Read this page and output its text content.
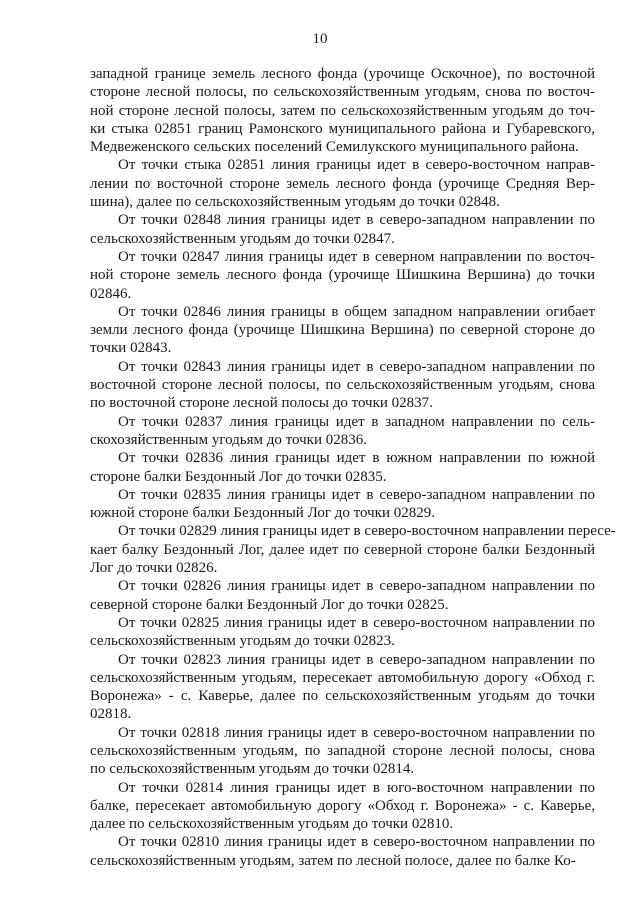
10
западной границе земель лесного фонда (урочище Оскочное), по восточной
стороне лесной полосы, по сельскохозяйственным угодьям, снова по восточ-
ной стороне лесной полосы, затем по сельскохозяйственным угодьям до точ-
ки стыка 02851 границ Рамонского муниципального района и Губаревского,
Медвеженского сельских поселений Семилукского муниципального района.
От точки стыка 02851 линия границы идет в северо-восточном направ-
лении по восточной стороне земель лесного фонда (урочище Средняя Вер-
шина), далее по сельскохозяйственным угодьям до точки 02848.
От точки 02848 линия границы идет в северо-западном направлении по
сельскохозяйственным угодьям до точки 02847.
От точки 02847 линия границы идет в северном направлении по восточ-
ной стороне земель лесного фонда (урочище Шишкина Вершина) до точки
02846.
От точки 02846 линия границы в общем западном направлении огибает
земли лесного фонда (урочище Шишкина Вершина) по северной стороне до
точки 02843.
От точки 02843 линия границы идет в северо-западном направлении по
восточной стороне лесной полосы, по сельскохозяйственным угодьям, снова
по восточной стороне лесной полосы до точки 02837.
От точки 02837 линия границы идет в западном направлении по сель-
скохозяйственным угодьям до точки 02836.
От точки 02836 линия границы идет в южном направлении по южной
стороне балки Бездонный Лог до точки 02835.
От точки 02835 линия границы идет в северо-западном направлении по
южной стороне балки Бездонный Лог до точки 02829.
От точки 02829 линия границы идет в северо-восточном направлении пересе-
кает балку Бездонный Лог, далее идет по северной стороне балки Бездонный
Лог до точки 02826.
От точки 02826 линия границы идет в северо-западном направлении по
северной стороне балки Бездонный Лог до точки 02825.
От точки 02825 линия границы идет в северо-восточном направлении по
сельскохозяйственным угодьям до точки 02823.
От точки 02823 линия границы идет в северо-западном направлении по
сельскохозяйственным угодьям, пересекает автомобильную дорогу «Обход г.
Воронежа» - с. Каверье, далее по сельскохозяйственным угодьям до точки
02818.
От точки 02818 линия границы идет в северо-восточном направлении по
сельскохозяйственным угодьям, по западной стороне лесной полосы, снова
по сельскохозяйственным угодьям до точки 02814.
От точки 02814 линия границы идет в юго-восточном направлении по
балке, пересекает автомобильную дорогу «Обход г. Воронежа» - с. Каверье,
далее по сельскохозяйственным угодьям до точки 02810.
От точки 02810 линия границы идет в северо-восточном направлении по
сельскохозяйственным угодьям, затем по лесной полосе, далее по балке Ко-
